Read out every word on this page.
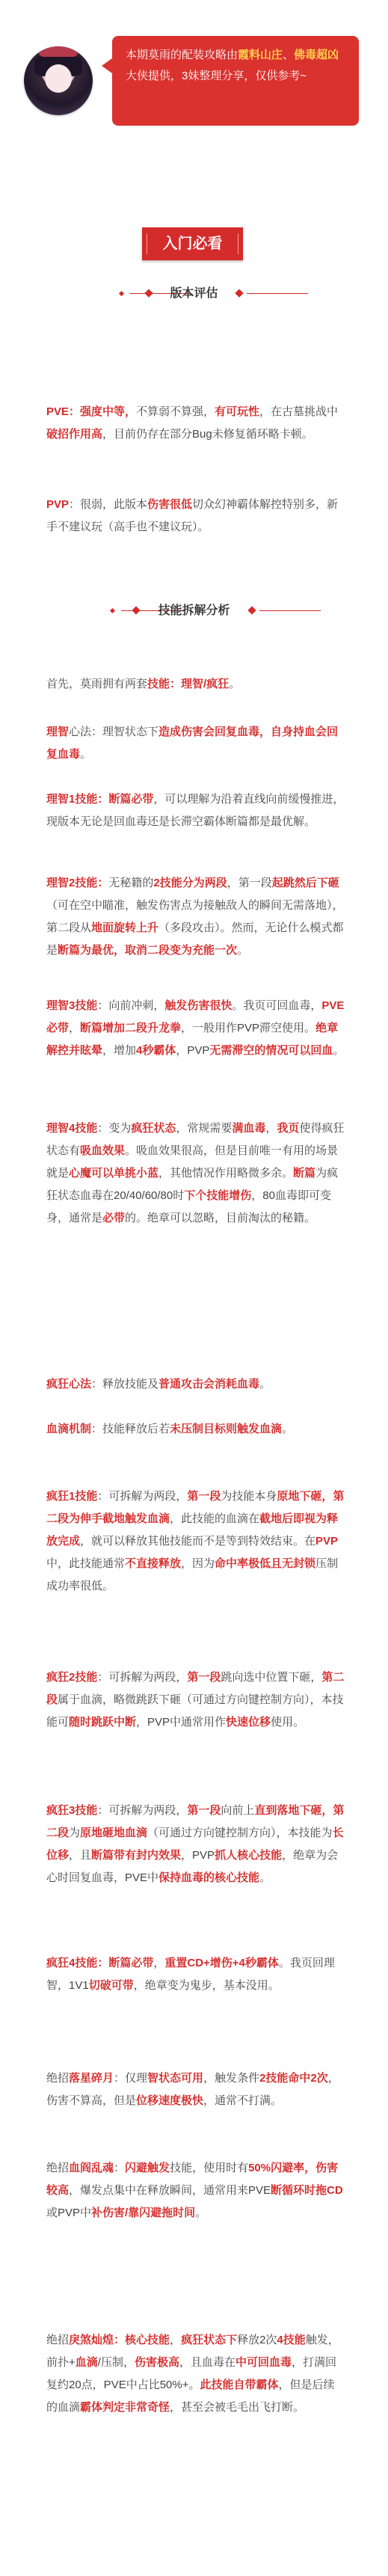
本期莫雨的配装攻略由霞料山庄、佛毒超凶大侠提供，3妹整理分享，仅供参考~
入门必看
版本评估
技能拆解分析

PVE：强度中等，不算弱不算强，有可玩性，在古墓挑战中破招作用高，目前仍存在部分Bug未修复循环略卡顿。

PVP：很弱，此版本伤害很低切众幻神霸体解控特别多，新手不建议玩（高手也不建议玩）。

首先，莫雨拥有两套技能：理智/疯狂。

理智心法：理智状态下造成伤害会回复血毒，自身持血会回复血毒。

理智1技能：断篇必带，可以理解为沿着直线向前缓慢推进，现版本无论是回血毒还是长滞空霸体断篇都是最优解。

理智2技能：无秘籍的2技能分为两段，第一段起跳然后下砸（可在空中瞄准，触发伤害点为接触敌人的瞬间无需落地），第二段从地面旋转上升（多段攻击）。然而，无论什么模式都是断篇为最优，取消二段变为充能一次。

理智3技能：向前冲刺，触发伤害很快。我页可回血毒，PVE必带，断篇增加二段升龙拳，一般用作PVP滞空使用。绝章解控并眩晕，增加4秒霸体，PVP无需滞空的情况可以回血。

理智4技能：变为疯狂状态，常规需要满血毒，我页使得疯狂状态有吸血效果。吸血效果很高，但是目前唯一有用的场景就是心魔可以单挑小蓝，其他情况作用略微多余。断篇为疯狂状态血毒在20/40/60/80时下个技能增伤，80血毒即可变身，通常是必带的。绝章可以忽略，目前淘汰的秘籍。

疯狂心法：释放技能及普通攻击会消耗血毒。

血滴机制：技能释放后若未压制目标则触发血滴。

疯狂1技能：可拆解为两段，第一段为技能本身原地下砸，第二段为伸手截地触发血滴，此技能的血滴在截地后即视为释放完成，就可以释放其他技能而不是等到特效结束。在PVP中，此技能通常不直接释放，因为命中率极低且无封锁压制成功率很低。

疯狂2技能：可拆解为两段，第一段跳向选中位置下砸，第二段属于血滴，略微跳跃下砸（可通过方向键控制方向），本技能可随时跳跃中断，PVP中通常用作快速位移使用。

疯狂3技能：可拆解为两段，第一段向前上直到落地下砸，第二段为原地砸地血滴（可通过方向键控制方向），本技能为长位移，且断篇带有封内效果，PVP抓人核心技能，绝章为会心时回复血毒，PVE中保持血毒的核心技能。

疯狂4技能：断篇必带，重置CD+增伤+4秒霸体。我页回理智，1V1切破可带，绝章变为鬼步，基本没用。

绝招落星碎月：仅理智状态可用，触发条件2技能命中2次，伤害不算高，但是位移速度极快，通常不打满。

绝招血阎乱魂：闪避触发技能，使用时有50%闪避率，伤害较高，爆发点集中在释放瞬间，通常用来PVE断循环时拖CD或PVP中补伤害/靠闪避拖时间。

绝招戾煞灿煌：核心技能，疯狂状态下释放2次4技能触发，前扑+血滴/压制，伤害极高，且血毒在中可回血毒，打满回复约20点，PVE中占比50%+。此技能自带霸体，但是后续的血滴霸体判定非常奇怪，甚至会被毛毛出飞打断。
